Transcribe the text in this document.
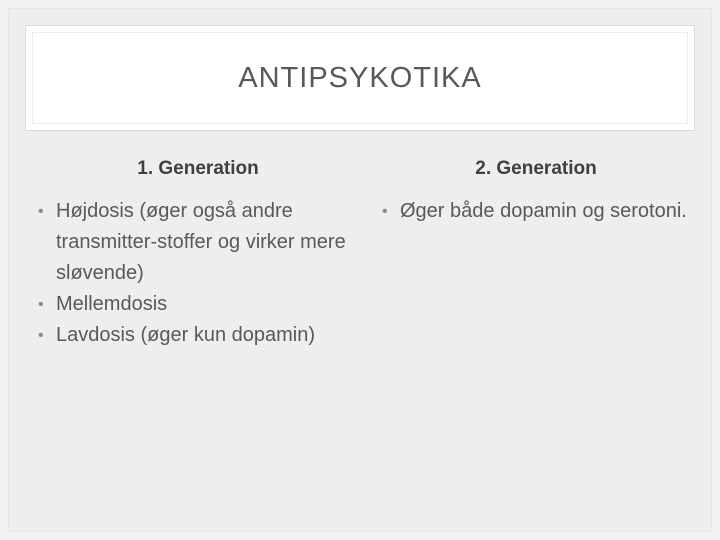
ANTIPSYKOTIKA
1. Generation	2. Generation
• Højdosis (øger også andre transmitter-stoffer og virker mere sløvende)
• Mellemdosis
• Lavdosis (øger kun dopamin)
• Øger både dopamin og serotoni.
